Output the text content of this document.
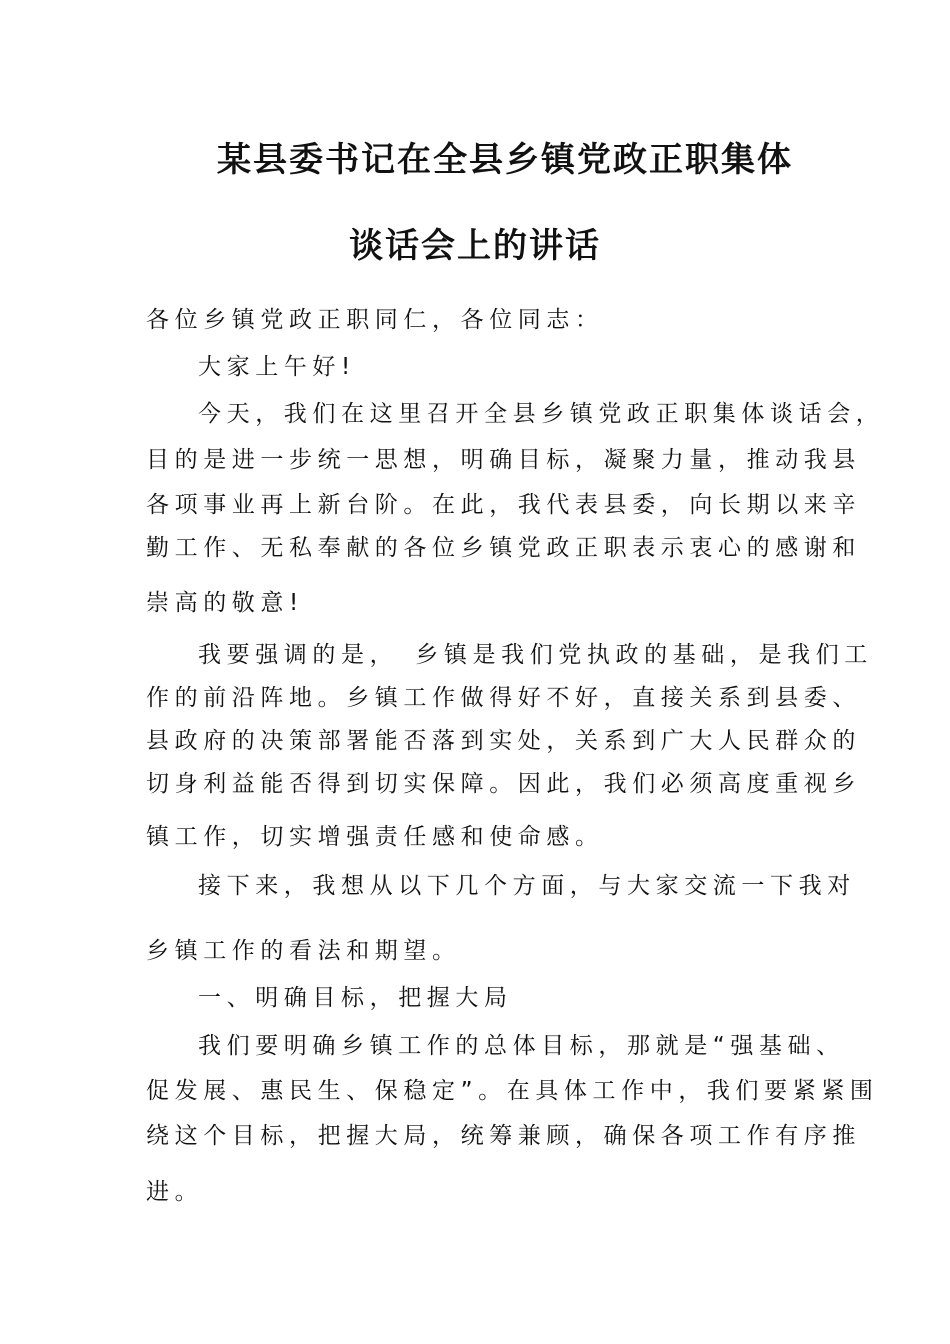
某县委书记在全县乡镇党政正职集体
谈话会上的讲话
各位乡镇党政正职同仁，各位同志：
大家上午好!
今天，我们在这里召开全县乡镇党政正职集体谈话会，
目的是进一步统一思想，明确目标，凝聚力量，推动我县
各项事业再上新台阶。在此，我代表县委，向长期以来辛
勤工作、无私奉献的各位乡镇党政正职表示衷心的感谢和
崇高的敬意!
我要强调的是，　乡镇是我们党执政的基础，是我们工
作的前沿阵地。乡镇工作做得好不好，直接关系到县委、
县政府的决策部署能否落到实处，关系到广大人民群众的
切身利益能否得到切实保障。因此，我们必须高度重视乡
镇工作，切实增强责任感和使命感。
接下来，我想从以下几个方面，与大家交流一下我对
乡镇工作的看法和期望。
一、明确目标，把握大局
我们要明确乡镇工作的总体目标，那就是“强基础、
促发展、惠民生、保稳定”。在具体工作中，我们要紧紧围
绕这个目标，把握大局，统筹兼顾，确保各项工作有序推
进。
